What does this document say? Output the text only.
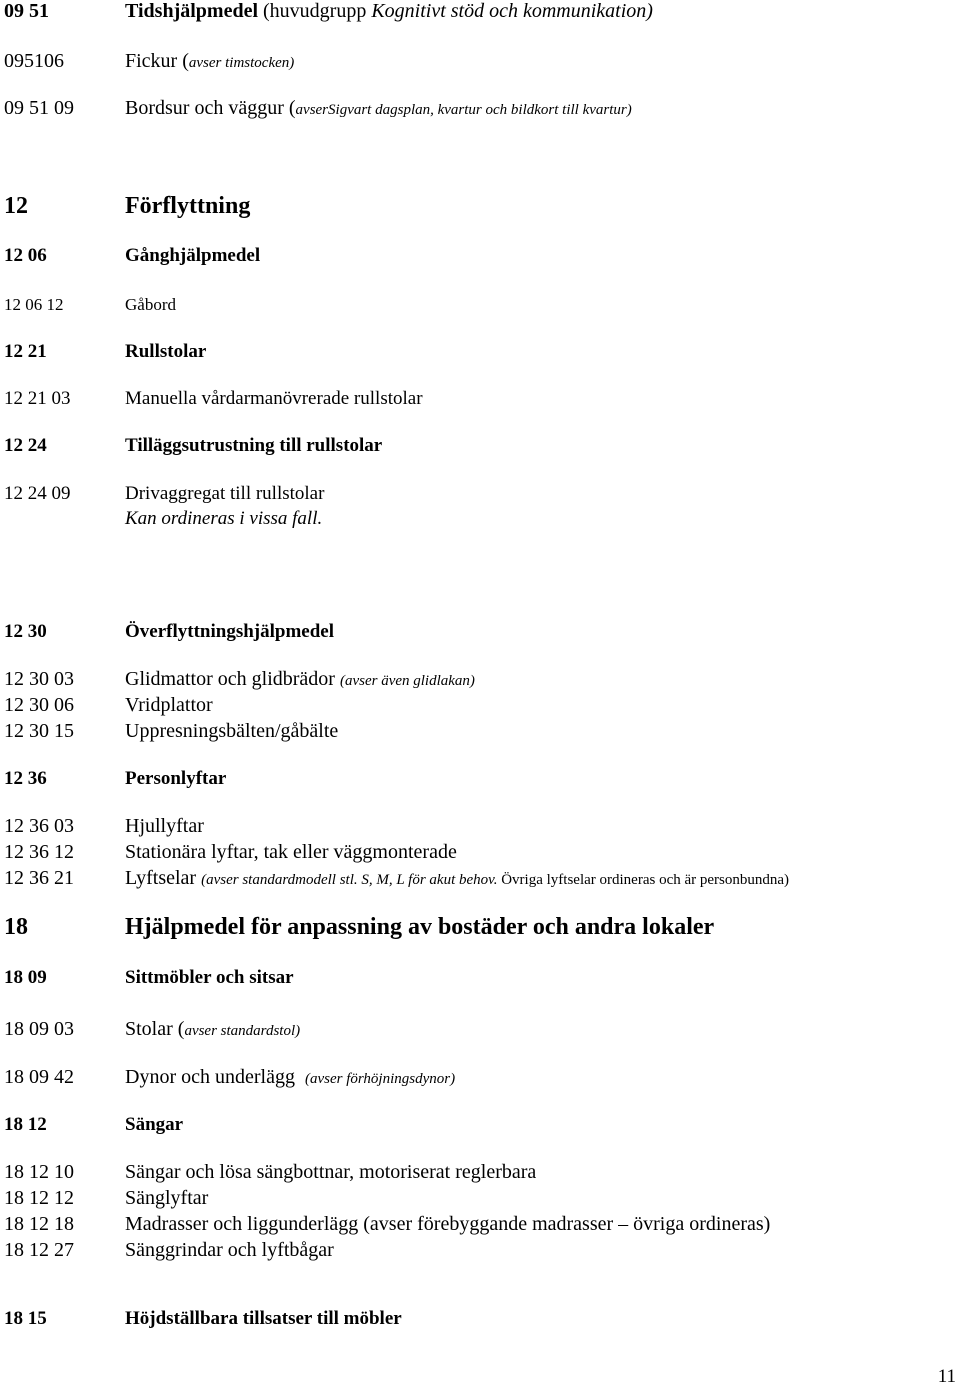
09 51	Tidshjälpmedel (huvudgrupp Kognitivt stöd och kommunikation)
095106	Fickur (avser timstocken)
09 51 09	Bordsur och väggur (avserSigvart dagsplan, kvartur och bildkort till kvartur)
12	Förflyttning
12 06	Gånghjälpmedel
12 06 12	Gåbord
12 21	Rullstolar
12 21 03	Manuella vårdarmanövrerade rullstolar
12 24	Tilläggsutrustning till rullstolar
12 24 09	Drivaggregat till rullstolar
Kan ordineras i vissa fall.
12 30	Överflyttningshjälpmedel
12 30 03	Glidmattor och glidbrädor (avser även glidlakan)
12 30 06	Vridplattor
12 30 15	Uppresningsbälten/gåbälte
12 36	Personlyftar
12 36 03	Hjullyftar
12 36 12	Stationära lyftar, tak eller väggmonterade
12 36 21	Lyftselar (avser standardmodell stl. S, M, L för akut behov. Övriga lyftselar ordineras och är personbundna)
18	Hjälpmedel för anpassning av bostäder och andra lokaler
18 09	Sittmöbler och sitsar
18 09 03	Stolar (avser standardstol)
18 09 42	Dynor och underlägg  (avser förhöjningsdynor)
18 12	Sängar
18 12 10	Sängar och lösa sängbottnar, motoriserat reglerbara
18 12 12	Sänglyftar
18 12 18	Madrasser och liggunderlägg (avser förebyggande madrasser – övriga ordineras)
18 12 27	Sänggrindar och lyftbågar
18 15	Höjdställbara tillsatser till möbler
11
